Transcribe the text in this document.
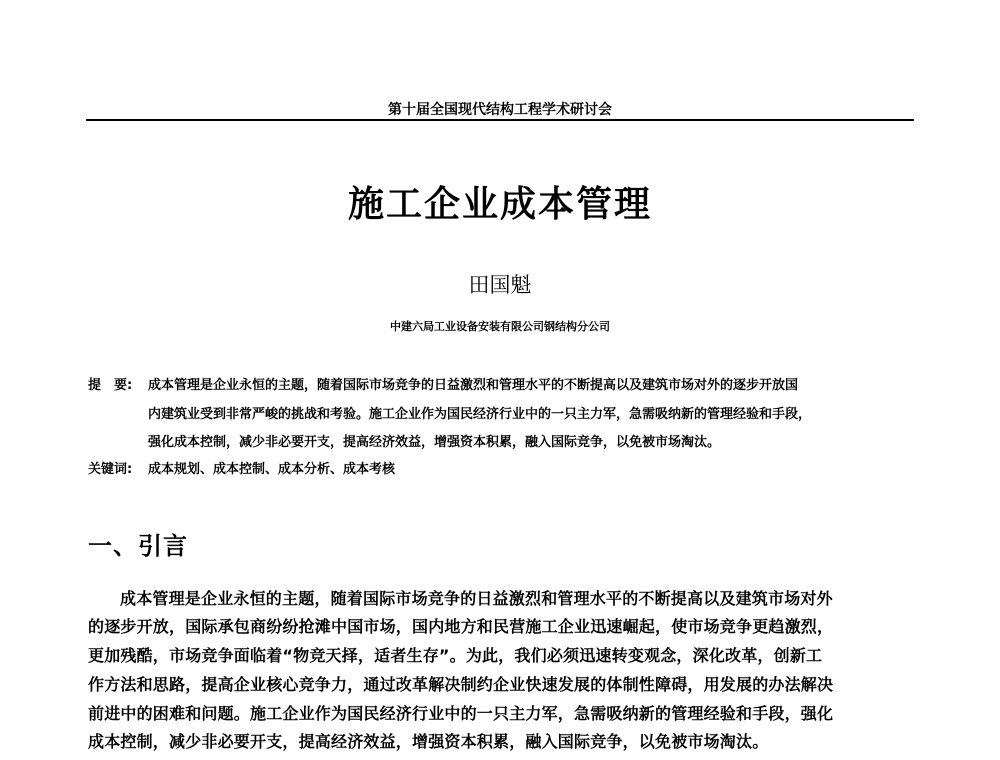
第十届全国现代结构工程学术研讨会
施工企业成本管理
田国魁
中建六局工业设备安装有限公司钢结构分公司
提　要: 成本管理是企业永恒的主题，随着国际市场竞争的日益激烈和管理水平的不断提高以及建筑市场对外的逐步开放国
内建筑业受到非常严峻的挑战和考验。施工企业作为国民经济行业中的一只主力军，急需吸纳新的管理经验和手段，
强化成本控制，减少非必要开支，提高经济效益，增强资本积累，融入国际竞争，以免被市场淘汰。
关键词: 成本规划、成本控制、成本分析、成本考核
一、引言
成本管理是企业永恒的主题，随着国际市场竞争的日益激烈和管理水平的不断提高以及建筑市场对外
的逐步开放，国际承包商纷纷抢滩中国市场，国内地方和民营施工企业迅速崛起，使市场竞争更趋激烈，
更加残酷，市场竞争面临着“物竞天择，适者生存”。为此，我们必须迅速转变观念，深化改革，创新工
作方法和思路，提高企业核心竞争力，通过改革解决制约企业快速发展的体制性障碍，用发展的办法解决
前进中的困难和问题。施工企业作为国民经济行业中的一只主力军，急需吸纳新的管理经验和手段，强化
成本控制，减少非必要开支，提高经济效益，增强资本积累，融入国际竞争，以免被市场淘汰。
